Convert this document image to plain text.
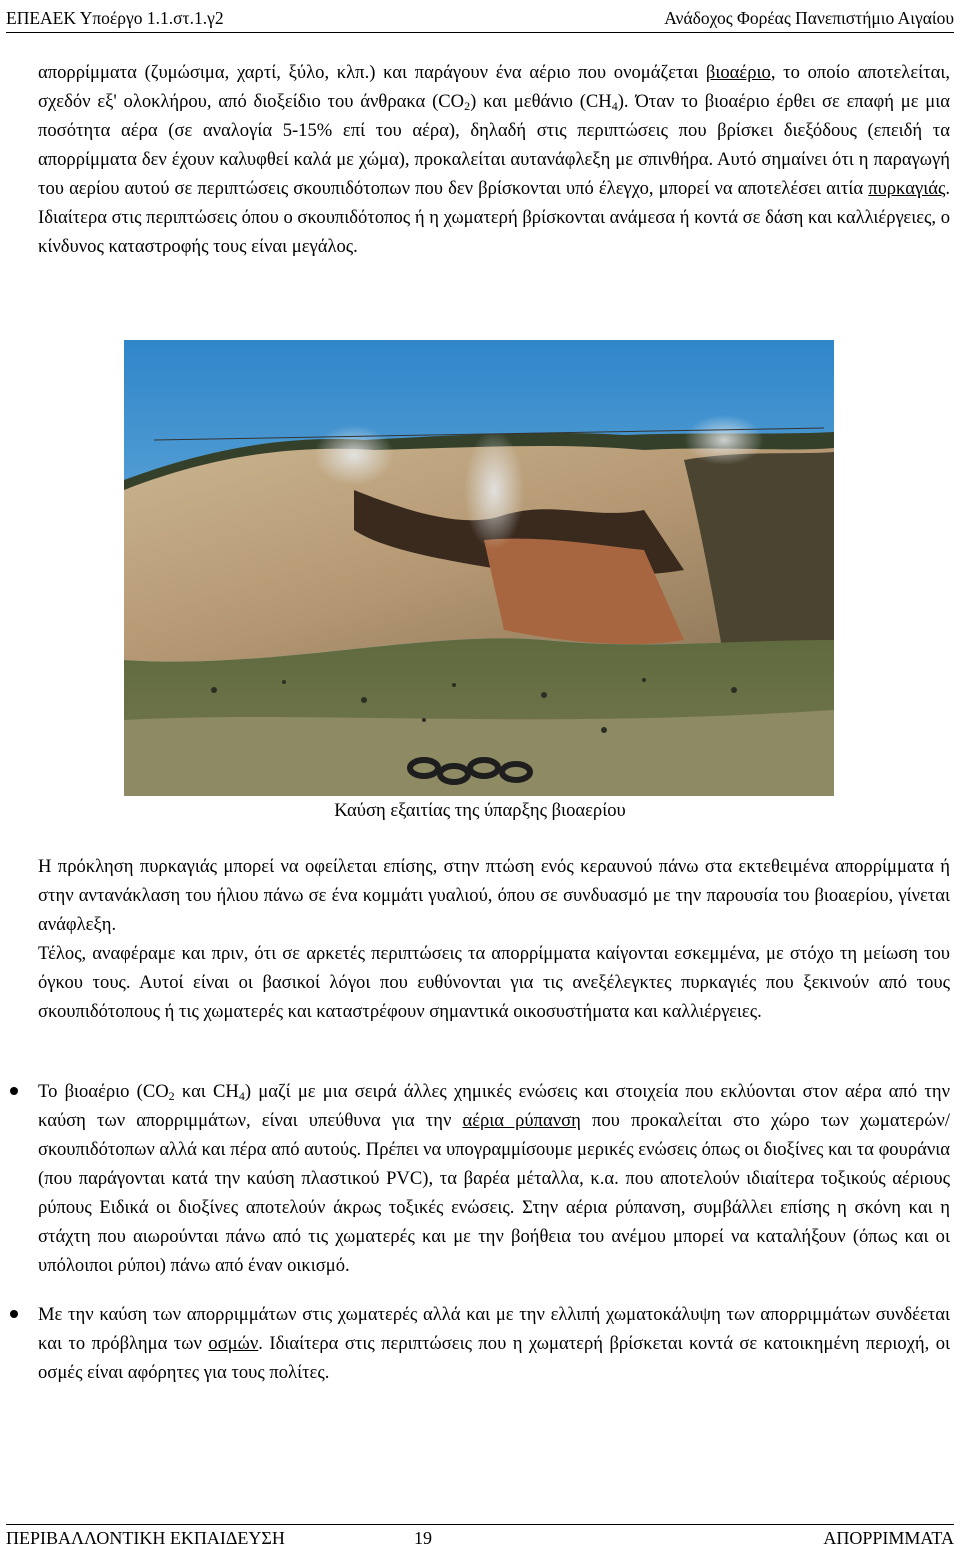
ΕΠΕΑΕΚ Υποέργο 1.1.στ.1.γ2	Ανάδοχος Φορέας Πανεπιστήμιο Αιγαίου

απορρίμματα (ζυμώσιμα, χαρτί, ξύλο, κλπ.) και παράγουν ένα αέριο που ονομάζεται βιοαέριο, το οποίο αποτελείται, σχεδόν εξ' ολοκλήρου, από διοξείδιο του άνθρακα $(CO_2)$ και μεθάνιο $(CH_4)$. Όταν το βιοαέριο έρθει σε επαφή με μια ποσότητα αέρα (σε αναλογία 5-15% επί του αέρα), δηλαδή στις περιπτώσεις που βρίσκει διεξόδους (επειδή τα απορρίμματα δεν έχουν καλυφθεί καλά με χώμα), προκαλείται αυτανάφλεξη με σπινθήρα. Αυτό σημαίνει ότι η παραγωγή του αερίου αυτού σε περιπτώσεις σκουπιδότοπων που δεν βρίσκονται υπό έλεγχο, μπορεί να αποτελέσει αιτία πυρκαγιάς. Ιδιαίτερα στις περιπτώσεις όπου ο σκουπιδότοπος ή η χωματερή βρίσκονται ανάμεσα ή κοντά σε δάση και καλλιέργειες, ο κίνδυνος καταστροφής τους είναι μεγάλος.

Καύση εξαιτίας της ύπαρξης βιοαερίου

Η πρόκληση πυρκαγιάς μπορεί να οφείλεται επίσης, στην πτώση ενός κεραυνού πάνω στα εκτεθειμένα απορρίμματα ή στην αντανάκλαση του ήλιου πάνω σε ένα κομμάτι γυαλιού, όπου σε συνδυασμό με την παρουσία του βιοαερίου, γίνεται ανάφλεξη.

Τέλος, αναφέραμε και πριν, ότι σε αρκετές περιπτώσεις τα απορρίμματα καίγονται εσκεμμένα, με στόχο τη μείωση του όγκου τους. Αυτοί είναι οι βασικοί λόγοι που ευθύνονται για τις ανεξέλεγκτες πυρκαγιές που ξεκινούν από τους σκουπιδότοπους ή τις χωματερές και καταστρέφουν σημαντικά οικοσυστήματα και καλλιέργειες.

Το βιοαέριο ($CO_2$ και $CH_4$) μαζί με μια σειρά άλλες χημικές ενώσεις και στοιχεία που εκλύονται στον αέρα από την καύση των απορριμμάτων, είναι υπεύθυνα για την αέρια ρύπανση που προκαλείται στο χώρο των χωματερών/σκουπιδότοπων αλλά και πέρα από αυτούς. Πρέπει να υπογραμμίσουμε μερικές ενώσεις όπως οι διοξίνες και τα φουράνια (που παράγονται κατά την καύση πλαστικού PVC), τα βαρέα μέταλλα, κ.α. που αποτελούν ιδιαίτερα τοξικούς αέριους ρύπους Ειδικά οι διοξίνες αποτελούν άκρως τοξικές ενώσεις. Στην αέρια ρύπανση, συμβάλλει επίσης η σκόνη και η στάχτη που αιωρούνται πάνω από τις χωματερές και με την βοήθεια του ανέμου μπορεί να καταλήξουν (όπως και οι υπόλοιποι ρύποι) πάνω από έναν οικισμό.

Με την καύση των απορριμμάτων στις χωματερές αλλά και με την ελλιπή χωματοκάλυψη των απορριμμάτων συνδέεται και το πρόβλημα των οσμών. Ιδιαίτερα στις περιπτώσεις που η χωματερή βρίσκεται κοντά σε κατοικημένη περιοχή, οι οσμές είναι αφόρητες για τους πολίτες.

ΠΕΡΙΒΑΛΛΟΝΤΙΚΗ ΕΚΠΑΙΔΕΥΣΗ	19	ΑΠΟΡΡΙΜΜΑΤΑ
